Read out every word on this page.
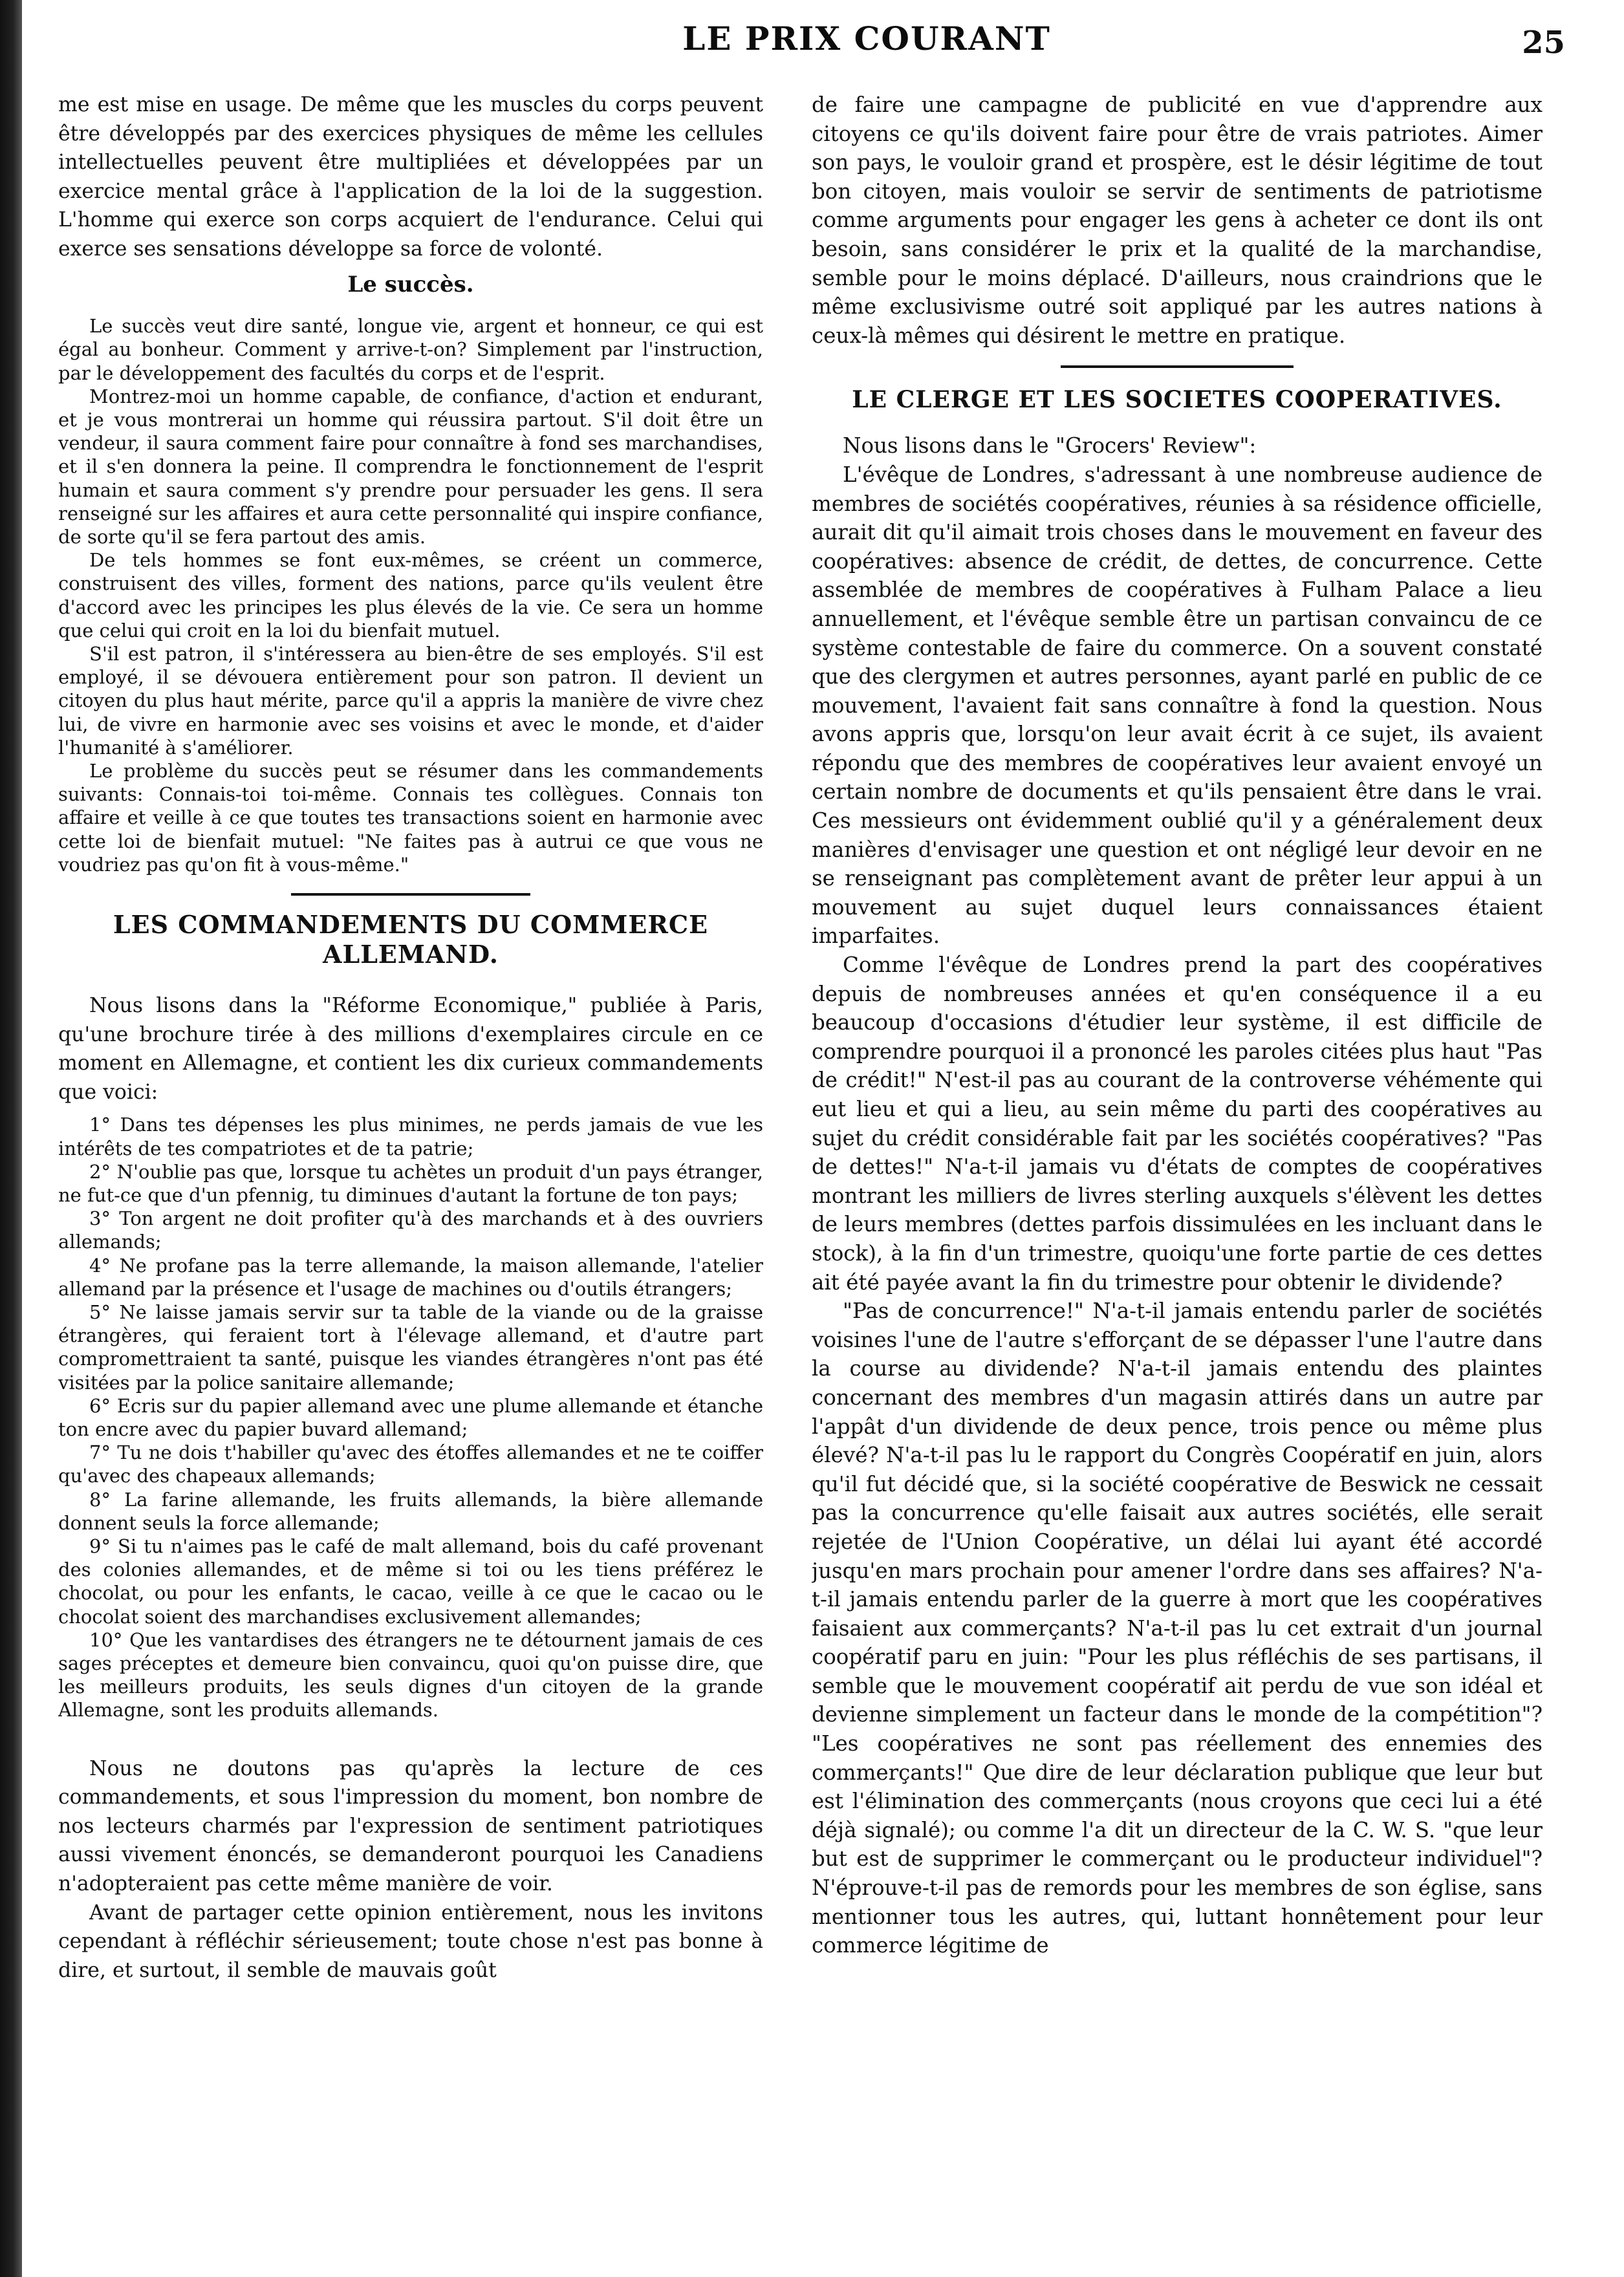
LE PRIX COURANT	25

me est mise en usage. De même que les muscles du corps peuvent être développés par des exercices physiques de même les cellules intellectuelles peuvent être multipliées et développées par un exercice mental grâce à l'application de la loi de la suggestion. L'homme qui exerce son corps acquiert de l'endurance. Celui qui exerce ses sensations développe sa force de volonté.

Le succès.

Le succès veut dire santé, longue vie, argent et honneur, ce qui est égal au bonheur. Comment y arrive-t-on? Simplement par l'instruction, par le développement des facultés du corps et de l'esprit.

Montrez-moi un homme capable, de confiance, d'action et endurant, et je vous montrerai un homme qui réussira partout. S'il doit être un vendeur, il saura comment faire pour connaître à fond ses marchandises, et il s'en donnera la peine. Il comprendra le fonctionnement de l'esprit humain et saura comment s'y prendre pour persuader les gens. Il sera renseigné sur les affaires et aura cette personnalité qui inspire confiance, de sorte qu'il se fera partout des amis.

De tels hommes se font eux-mêmes, se créent un commerce, construisent des villes, forment des nations, parce qu'ils veulent être d'accord avec les principes les plus élevés de la vie. Ce sera un homme que celui qui croit en la loi du bienfait mutuel.

S'il est patron, il s'intéressera au bien-être de ses employés. S'il est employé, il se dévouera entièrement pour son patron. Il devient un citoyen du plus haut mérite, parce qu'il a appris la manière de vivre chez lui, de vivre en harmonie avec ses voisins et avec le monde, et d'aider l'humanité à s'améliorer.

Le problème du succès peut se résumer dans les commandements suivants: Connais-toi toi-même. Connais tes collègues. Connais ton affaire et veille à ce que toutes tes transactions soient en harmonie avec cette loi de bienfait mutuel: "Ne faites pas à autrui ce que vous ne voudriez pas qu'on fit à vous-même."

LES COMMANDEMENTS DU COMMERCE ALLEMAND.

Nous lisons dans la "Réforme Economique," publiée à Paris, qu'une brochure tirée à des millions d'exemplaires circule en ce moment en Allemagne, et contient les dix curieux commandements que voici:

1° Dans tes dépenses les plus minimes, ne perds jamais de vue les intérêts de tes compatriotes et de ta patrie;

2° N'oublie pas que, lorsque tu achètes un produit d'un pays étranger, ne fut-ce que d'un pfennig, tu diminues d'autant la fortune de ton pays;

3° Ton argent ne doit profiter qu'à des marchands et à des ouvriers allemands;

4° Ne profane pas la terre allemande, la maison allemande, l'atelier allemand par la présence et l'usage de machines ou d'outils étrangers;

5° Ne laisse jamais servir sur ta table de la viande ou de la graisse étrangères, qui feraient tort à l'élevage allemand, et d'autre part compromettraient ta santé, puisque les viandes étrangères n'ont pas été visitées par la police sanitaire allemande;

6° Ecris sur du papier allemand avec une plume allemande et étanche ton encre avec du papier buvard allemand;

7° Tu ne dois t'habiller qu'avec des étoffes allemandes et ne te coiffer qu'avec des chapeaux allemands;

8° La farine allemande, les fruits allemands, la bière allemande donnent seuls la force allemande;

9° Si tu n'aimes pas le café de malt allemand, bois du café provenant des colonies allemandes, et de même si toi ou les tiens préférez le chocolat, ou pour les enfants, le cacao, veille à ce que le cacao ou le chocolat soient des marchandises exclusivement allemandes;

10° Que les vantardises des étrangers ne te détournent jamais de ces sages préceptes et demeure bien convaincu, quoi qu'on puisse dire, que les meilleurs produits, les seuls dignes d'un citoyen de la grande Allemagne, sont les produits allemands.

Nous ne doutons pas qu'après la lecture de ces commandements, et sous l'impression du moment, bon nombre de nos lecteurs charmés par l'expression de sentiment patriotiques aussi vivement énoncés, se demanderont pourquoi les Canadiens n'adopteraient pas cette même manière de voir.

Avant de partager cette opinion entièrement, nous les invitons cependant à réfléchir sérieusement; toute chose n'est pas bonne à dire, et surtout, il semble de mauvais goût

de faire une campagne de publicité en vue d'apprendre aux citoyens ce qu'ils doivent faire pour être de vrais patriotes. Aimer son pays, le vouloir grand et prospère, est le désir légitime de tout bon citoyen, mais vouloir se servir de sentiments de patriotisme comme arguments pour engager les gens à acheter ce dont ils ont besoin, sans considérer le prix et la qualité de la marchandise, semble pour le moins déplacé. D'ailleurs, nous craindrions que le même exclusivisme outré soit appliqué par les autres nations à ceux-là mêmes qui désirent le mettre en pratique.

LE CLERGE ET LES SOCIETES COOPERATIVES.

Nous lisons dans le "Grocers' Review":

L'évêque de Londres, s'adressant à une nombreuse audience de membres de sociétés coopératives, réunies à sa résidence officielle, aurait dit qu'il aimait trois choses dans le mouvement en faveur des coopératives: absence de crédit, de dettes, de concurrence. Cette assemblée de membres de coopératives à Fulham Palace a lieu annuellement, et l'évêque semble être un partisan convaincu de ce système contestable de faire du commerce. On a souvent constaté que des clergymen et autres personnes, ayant parlé en public de ce mouvement, l'avaient fait sans connaître à fond la question. Nous avons appris que, lorsqu'on leur avait écrit à ce sujet, ils avaient répondu que des membres de coopératives leur avaient envoyé un certain nombre de documents et qu'ils pensaient être dans le vrai. Ces messieurs ont évidemment oublié qu'il y a généralement deux manières d'envisager une question et ont négligé leur devoir en ne se renseignant pas complètement avant de prêter leur appui à un mouvement au sujet duquel leurs connaissances étaient imparfaites.

Comme l'évêque de Londres prend la part des coopératives depuis de nombreuses années et qu'en conséquence il a eu beaucoup d'occasions d'étudier leur système, il est difficile de comprendre pourquoi il a prononcé les paroles citées plus haut "Pas de crédit!" N'est-il pas au courant de la controverse véhémente qui eut lieu et qui a lieu, au sein même du parti des coopératives au sujet du crédit considérable fait par les sociétés coopératives? "Pas de dettes!" N'a-t-il jamais vu d'états de comptes de coopératives montrant les milliers de livres sterling auxquels s'élèvent les dettes de leurs membres (dettes parfois dissimulées en les incluant dans le stock), à la fin d'un trimestre, quoiqu'une forte partie de ces dettes ait été payée avant la fin du trimestre pour obtenir le dividende?

"Pas de concurrence!" N'a-t-il jamais entendu parler de sociétés voisines l'une de l'autre s'efforçant de se dépasser l'une l'autre dans la course au dividende? N'a-t-il jamais entendu des plaintes concernant des membres d'un magasin attirés dans un autre par l'appât d'un dividende de deux pence, trois pence ou même plus élevé? N'a-t-il pas lu le rapport du Congrès Coopératif en juin, alors qu'il fut décidé que, si la société coopérative de Beswick ne cessait pas la concurrence qu'elle faisait aux autres sociétés, elle serait rejetée de l'Union Coopérative, un délai lui ayant été accordé jusqu'en mars prochain pour amener l'ordre dans ses affaires? N'a-t-il jamais entendu parler de la guerre à mort que les coopératives faisaient aux commerçants? N'a-t-il pas lu cet extrait d'un journal coopératif paru en juin: "Pour les plus réfléchis de ses partisans, il semble que le mouvement coopératif ait perdu de vue son idéal et devienne simplement un facteur dans le monde de la compétition"? "Les coopératives ne sont pas réellement des ennemies des commerçants!" Que dire de leur déclaration publique que leur but est l'élimination des commerçants (nous croyons que ceci lui a été déjà signalé); ou comme l'a dit un directeur de la C. W. S. "que leur but est de supprimer le commerçant ou le producteur individuel"? N'éprouve-t-il pas de remords pour les membres de son église, sans mentionner tous les autres, qui, luttant honnêtement pour leur commerce légitime de
